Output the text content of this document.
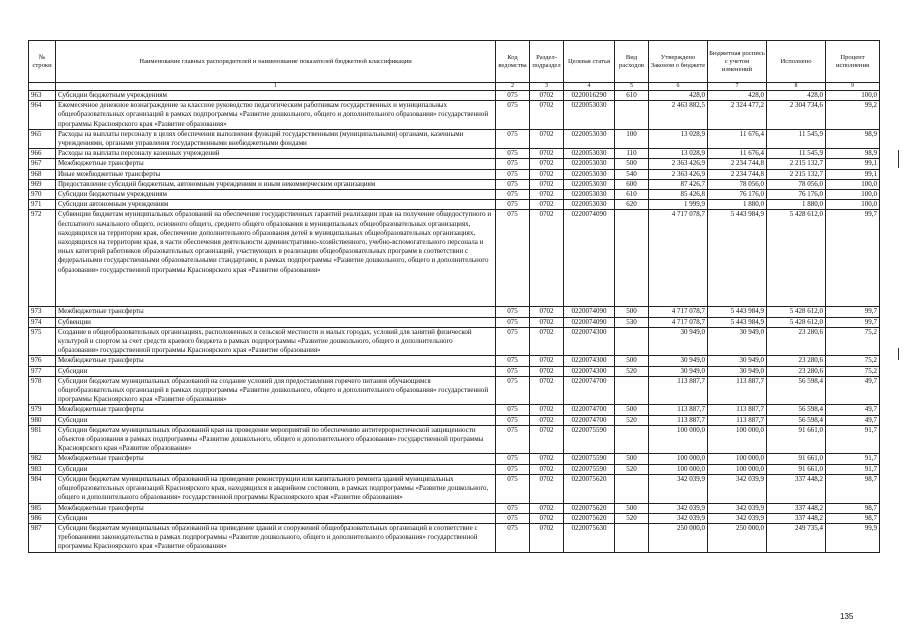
№ строки	Наименование главных распорядителей и наименование показателей бюджетной классификации	Код ведомства	Раздел-подраздел	Целевая статья	Вид расходов	Утверждено Законом о бюджете	Бюджетная роспись с учетом изменений	Исполнено	Процент исполнения
	1	2	3	4	5	6	7	8	9
963	Субсидии бюджетным учреждениям	075	0702	0220016290	610	428,0	428,0	428,0	100,0
964	Ежемесячное денежное вознаграждение за классное руководство педагогическим работникам государственных и муниципальных общеобразовательных организаций в рамках подпрограммы «Развитие дошкольного, общего и дополнительного образования» государственной программы Красноярского края «Развитие образования»	075	0702	0220053030		2 463 882,5	2 324 477,2	2 304 734,6	99,2
965	Расходы на выплаты персоналу в целях обеспечения выполнения функций государственными (муниципальными) органами, казенными учреждениями, органами управления государственными внебюджетными фондами	075	0702	0220053030	100	13 028,9	11 676,4	11 545,9	98,9
966	Расходы на выплаты персоналу казенных учреждений	075	0702	0220053030	110	13 028,9	11 676,4	11 545,9	98,9
967	Межбюджетные трансферты	075	0702	0220053030	500	2 363 426,9	2 234 744,8	2 215 132,7	99,1
968	Иные межбюджетные трансферты	075	0702	0220053030	540	2 363 426,9	2 234 744,8	2 215 132,7	99,1
969	Предоставление субсидий бюджетным, автономным учреждениям и иным некоммерческим организациям	075	0702	0220053030	600	87 426,7	78 056,0	78 056,0	100,0
970	Субсидии бюджетным учреждениям	075	0702	0220053030	610	85 426,8	76 176,0	76 176,0	100,0
971	Субсидии автономным учреждениям	075	0702	0220053030	620	1 999,9	1 880,0	1 880,0	100,0
972	Субвенции бюджетам муниципальных образований на обеспечение государственных гарантий реализации прав на получение общедоступного и бесплатного начального общего, основного общего, среднего общего образования в муниципальных общеобразовательных организациях, находящихся на территории края, обеспечение дополнительного образования детей в муниципальных общеобразовательных организациях, находящихся на территории края, в части обеспечения деятельности административно-хозяйственного, учебно-вспомогательного персонала и иных категорий работников образовательных организаций, участвующих в реализации общеобразовательных программ в соответствии с федеральными государственными образовательными стандартами, в рамках подпрограммы «Развитие дошкольного, общего и дополнительного образования» государственной программы Красноярского края «Развитие образования»	075	0702	0220074090		4 717 078,7	5 443 984,9	5 428 612,0	99,7
973	Межбюджетные трансферты	075	0702	0220074090	500	4 717 078,7	5 443 984,9	5 428 612,0	99,7
974	Субвенции	075	0702	0220074090	530	4 717 078,7	5 443 984,9	5 428 612,0	99,7
975	Создание в общеобразовательных организациях, расположенных в сельской местности и малых городах, условий для занятий физической культурой и спортом за счет средств краевого бюджета в рамках подпрограммы «Развитие дошкольного, общего и дополнительного образования» государственной программы Красноярского края «Развитие образования»	075	0702	0220074300		30 949,0	30 949,0	23 280,6	75,2
976	Межбюджетные трансферты	075	0702	0220074300	500	30 949,0	30 949,0	23 280,6	75,2
977	Субсидии	075	0702	0220074300	520	30 949,0	30 949,0	23 280,6	75,2
978	Субсидии бюджетам муниципальных образований на создание условий для предоставления горячего питания обучающимся общеобразовательных организаций в рамках подпрограммы «Развитие дошкольного, общего и дополнительного образования» государственной программы Красноярского края «Развитие образования»	075	0702	0220074700		113 887,7	113 887,7	56 598,4	49,7
979	Межбюджетные трансферты	075	0702	0220074700	500	113 887,7	113 887,7	56 598,4	49,7
980	Субсидии	075	0702	0220074700	520	113 887,7	113 887,7	56 598,4	49,7
981	Субсидии бюджетам муниципальных образований края на проведение мероприятий по обеспечению антитеррористической защищенности объектов образования в рамках подпрограммы «Развитие дошкольного, общего и дополнительного образования» государственной программы Красноярского края «Развитие образования»	075	0702	0220075590		100 000,0	100 000,0	91 661,0	91,7
982	Межбюджетные трансферты	075	0702	0220075590	500	100 000,0	100 000,0	91 661,0	91,7
983	Субсидии	075	0702	0220075590	520	100 000,0	100 000,0	91 661,0	91,7
984	Субсидии бюджетам муниципальных образований на проведение реконструкции или капитального ремонта зданий муниципальных общеобразовательных организаций Красноярского края, находящихся в аварийном состоянии, в рамках подпрограммы «Развитие дошкольного, общего и дополнительного образования» государственной программы Красноярского края «Развитие образования»	075	0702	0220075620		342 039,9	342 039,9	337 448,2	98,7
985	Межбюджетные трансферты	075	0702	0220075620	500	342 039,9	342 039,9	337 448,2	98,7
986	Субсидии	075	0702	0220075620	520	342 039,9	342 039,9	337 448,2	98,7
987	Субсидии бюджетам муниципальных образований на приведение зданий и сооружений общеобразовательных организаций в соответствие с требованиями законодательства в рамках подпрограммы «Развитие дошкольного, общего и дополнительного образования» государственной программы Красноярского края «Развитие образования»	075	0702	0220075630		250 000,0	250 000,0	249 735,4	99,9
135
